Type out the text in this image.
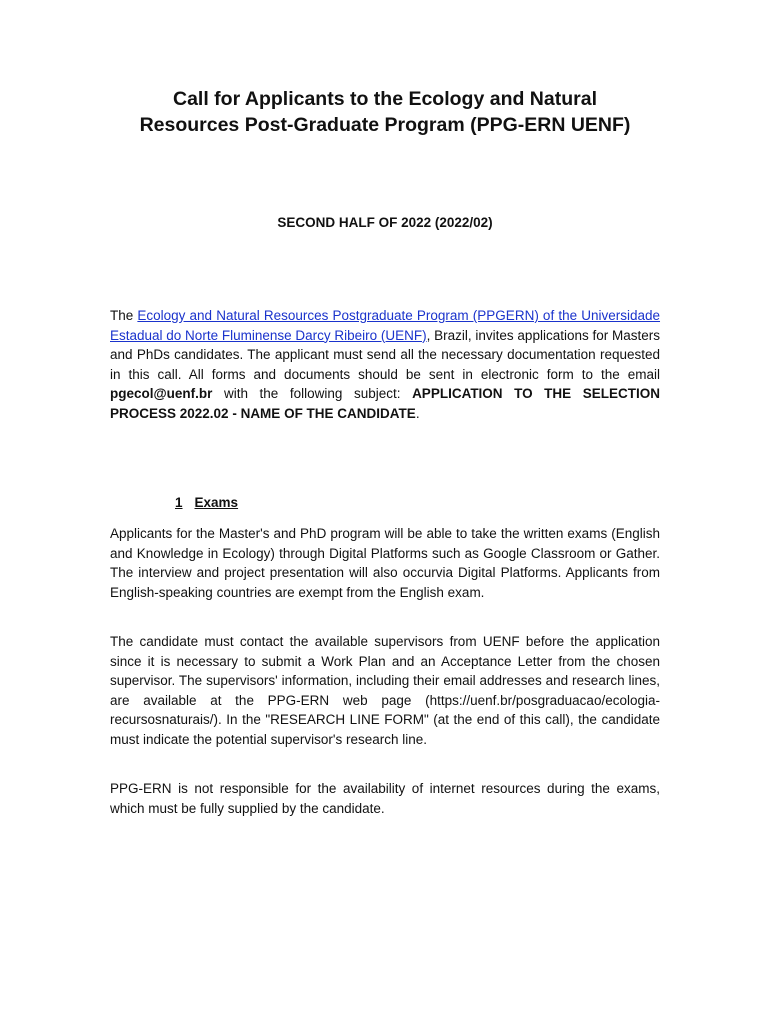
Call for Applicants to the Ecology and Natural
Resources Post-Graduate Program (PPG-ERN UENF)

SECOND HALF OF 2022 (2022/02)

The Ecology and Natural Resources Postgraduate Program (PPGERN) of the Universidade Estadual do Norte Fluminense Darcy Ribeiro (UENF), Brazil, invites applications for Masters and PhDs candidates. The applicant must send all the necessary documentation requested in this call. All forms and documents should be sent in electronic form to the email pgecol@uenf.br with the following subject: APPLICATION TO THE SELECTION PROCESS 2022.02 - NAME OF THE CANDIDATE.

1 Exams

Applicants for the Master's and PhD program will be able to take the written exams (English and Knowledge in Ecology) through Digital Platforms such as Google Classroom or Gather. The interview and project presentation will also occurvia Digital Platforms. Applicants from English-speaking countries are exempt from the English exam.

The candidate must contact the available supervisors from UENF before the application since it is necessary to submit a Work Plan and an Acceptance Letter from the chosen supervisor. The supervisors' information, including their email addresses and research lines, are available at the PPG-ERN web page (https://uenf.br/posgraduacao/ecologia-recursosnaturais/). In the "RESEARCH LINE FORM" (at the end of this call), the candidate must indicate the potential supervisor's research line.

PPG-ERN is not responsible for the availability of internet resources during the exams, which must be fully supplied by the candidate.
